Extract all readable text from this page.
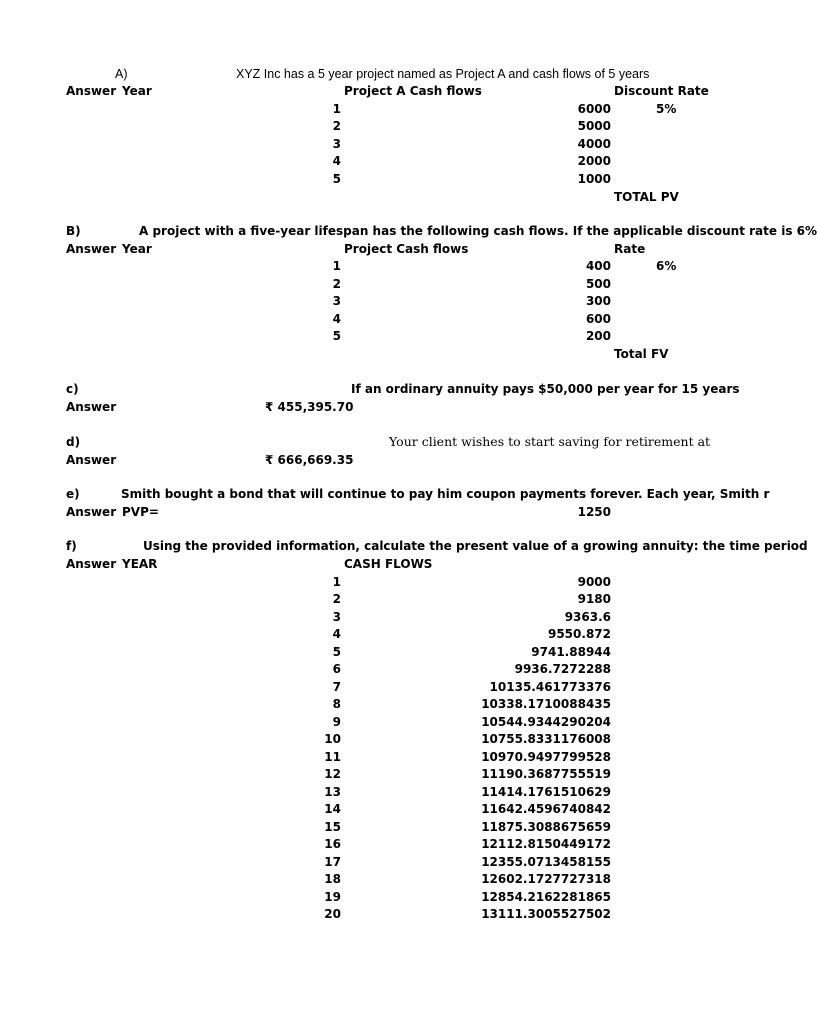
A)	XYZ Inc has a 5 year project named as Project A and cash flows of 5 years
Answer Year	Project A Cash flows	Discount Rate
1	6000	5%
2	5000
3	4000
4	2000
5	1000
TOTAL PV
B)	A project with a five-year lifespan has the following cash flows. If the applicable discount rate is 6%
Answer Year	Project Cash flows	Rate
1	400	6%
2	500
3	300
4	600
5	200
Total FV
c)	If an ordinary annuity pays $50,000 per year for 15 years
Answer	₹ 455,395.70
d)	Your client wishes to start saving for retirement at
Answer	₹ 666,669.35
e)	Smith bought a bond that will continue to pay him coupon payments forever. Each year, Smith r
Answer PVP=	1250
f)	Using the provided information, calculate the present value of a growing annuity: the time period
Answer YEAR	CASH FLOWS
1	9000
2	9180
3	9363.6
4	9550.872
5	9741.88944
6	9936.7272288
7	10135.461773376
8	10338.1710088435
9	10544.9344290204
10	10755.8331176008
11	10970.9497799528
12	11190.3687755519
13	11414.1761510629
14	11642.4596740842
15	11875.3088675659
16	12112.8150449172
17	12355.0713458155
18	12602.1727727318
19	12854.2162281865
20	13111.3005527502
